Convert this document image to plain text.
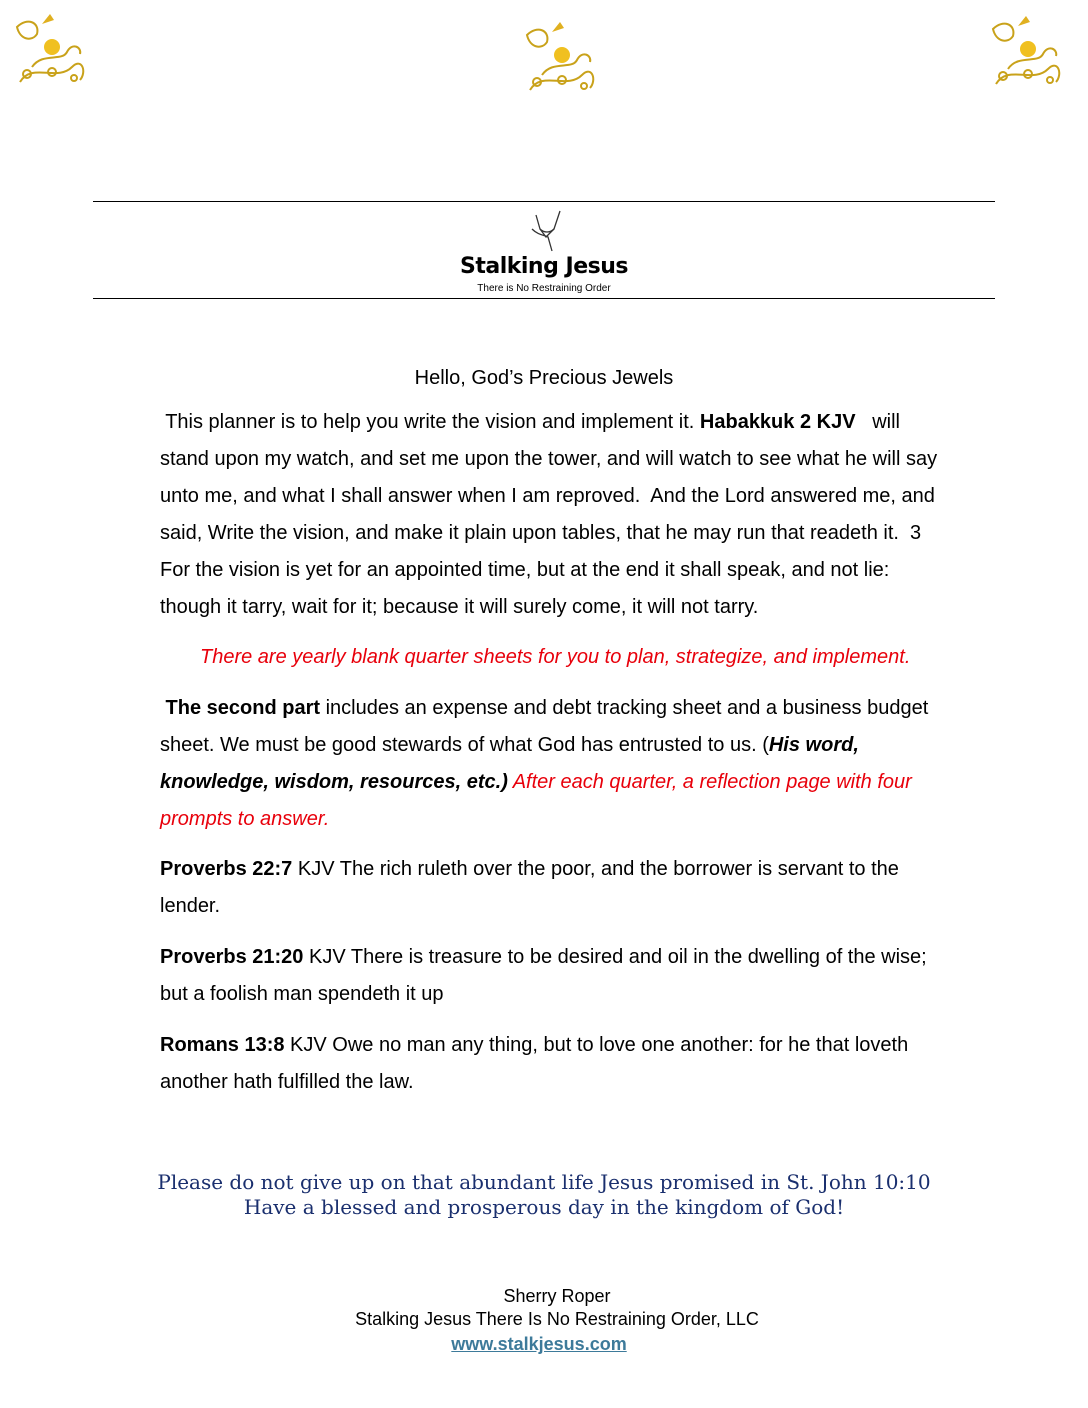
Stalking Jesus
There is No Restraining Order
Hello, God’s Precious Jewels
This planner is to help you write the vision and implement it. Habakkuk 2 KJV   will
stand upon my watch, and set me upon the tower, and will watch to see what he will say
unto me, and what I shall answer when I am reproved.  And the Lord answered me, and
said, Write the vision, and make it plain upon tables, that he may run that readeth it.  3
For the vision is yet for an appointed time, but at the end it shall speak, and not lie:
though it tarry, wait for it; because it will surely come, it will not tarry.
There are yearly blank quarter sheets for you to plan, strategize, and implement.
The second part includes an expense and debt tracking sheet and a business budget
sheet. We must be good stewards of what God has entrusted to us. (His word,
knowledge, wisdom, resources, etc.) After each quarter, a reflection page with four
prompts to answer.
Proverbs 22:7 KJV The rich ruleth over the poor, and the borrower is servant to the
lender.
Proverbs 21:20 KJV There is treasure to be desired and oil in the dwelling of the wise;
but a foolish man spendeth it up
Romans 13:8 KJV Owe no man any thing, but to love one another: for he that loveth
another hath fulfilled the law.
Please do not give up on that abundant life Jesus promised in St. John 10:10
Have a blessed and prosperous day in the kingdom of God!
Sherry Roper
Stalking Jesus There Is No Restraining Order, LLC
www.stalkjesus.com
